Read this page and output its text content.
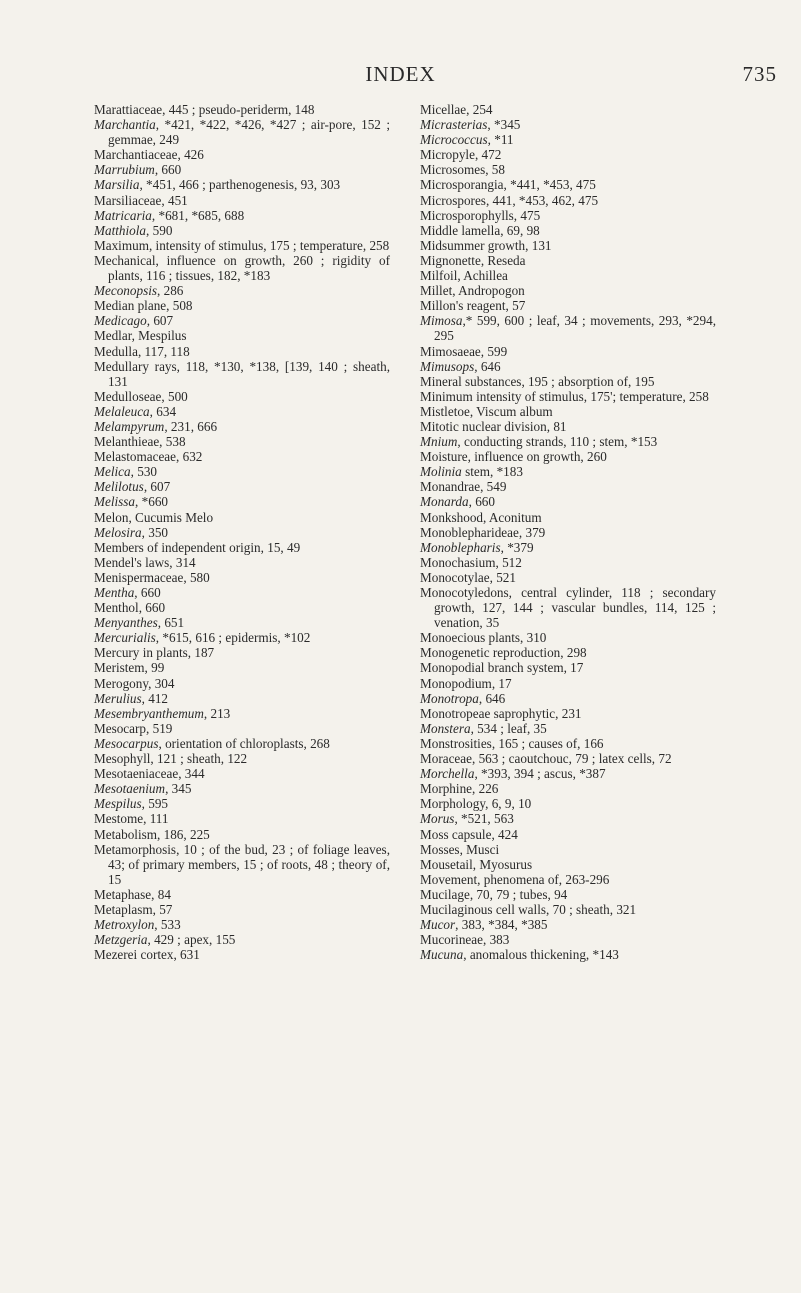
INDEX	735
Marattiaceae, 445 ; pseudo-periderm, 148
Marchantia, *421, *422, *426, *427 ; air-pore, 152 ; gemmae, 249
Marchantiaceae, 426
Marrubium, 660
Marsilia, *451, 466 ; parthenogenesis, 93, 303
Marsiliaceae, 451
Matricaria, *681, *685, 688
Matthiola, 590
Maximum, intensity of stimulus, 175 ; temperature, 258
Mechanical, influence on growth, 260 ; rigidity of plants, 116 ; tissues, 182, *183
Meconopsis, 286
Median plane, 508
Medicago, 607
Medlar, Mespilus
Medulla, 117, 118
Medullary rays, 118, *130, *138, [139, 140 ; sheath, 131
Medulloseae, 500
Melaleuca, 634
Melampyrum, 231, 666
Melanthieae, 538
Melastomaceae, 632
Melica, 530
Melilotus, 607
Melissa, *660
Melon, Cucumis Melo
Melosira, 350
Members of independent origin, 15, 49
Mendel's laws, 314
Menispermaceae, 580
Mentha, 660
Menthol, 660
Menyanthes, 651
Mercurialis, *615, 616 ; epidermis, *102
Mercury in plants, 187
Meristem, 99
Merogony, 304
Merulius, 412
Mesembryanthemum, 213
Mesocarp, 519
Mesocarpus, orientation of chloroplasts, 268
Mesophyll, 121 ; sheath, 122
Mesotaeniaceae, 344
Mesotaenium, 345
Mespilus, 595
Mestome, 111
Metabolism, 186, 225
Metamorphosis, 10 ; of the bud, 23 ; of foliage leaves, 43; of primary members, 15 ; of roots, 48 ; theory of, 15
Metaphase, 84
Metaplasm, 57
Metroxylon, 533
Metzgeria, 429 ; apex, 155
Mezerei cortex, 631
Micellae, 254
Micrasterias, *345
Micrococcus, *11
Micropyle, 472
Microsomes, 58
Microsporangia, *441, *453, 475
Microspores, 441, *453, 462, 475
Microsporophylls, 475
Middle lamella, 69, 98
Midsummer growth, 131
Mignonette, Reseda
Milfoil, Achillea
Millet, Andropogon
Millon's reagent, 57
Mimosa,* 599, 600 ; leaf, 34 ; movements, 293, *294, 295
Mimosaeae, 599
Mimusops, 646
Mineral substances, 195 ; absorption of, 195
Minimum intensity of stimulus, 175'; temperature, 258
Mistletoe, Viscum album
Mitotic nuclear division, 81
Mnium, conducting strands, 110 ; stem, *153
Moisture, influence on growth, 260
Molinia stem, *183
Monandrae, 549
Monarda, 660
Monkshood, Aconitum
Monoblepharideae, 379
Monoblepharis, *379
Monochasium, 512
Monocotylae, 521
Monocotyledons, central cylinder, 118 ; secondary growth, 127, 144 ; vascular bundles, 114, 125 ; venation, 35
Monoecious plants, 310
Monogenetic reproduction, 298
Monopodial branch system, 17
Monopodium, 17
Monotropa, 646
Monotropeae saprophytic, 231
Monstera, 534 ; leaf, 35
Monstrosities, 165 ; causes of, 166
Moraceae, 563 ; caoutchouc, 79 ; latex cells, 72
Morchella, *393, 394 ; ascus, *387
Morphine, 226
Morphology, 6, 9, 10
Morus, *521, 563
Moss capsule, 424
Mosses, Musci
Mousetail, Myosurus
Movement, phenomena of, 263-296
Mucilage, 70, 79 ; tubes, 94
Mucilaginous cell walls, 70 ; sheath, 321
Mucor, 383, *384, *385
Mucorineae, 383
Mucuna, anomalous thickening, *143
